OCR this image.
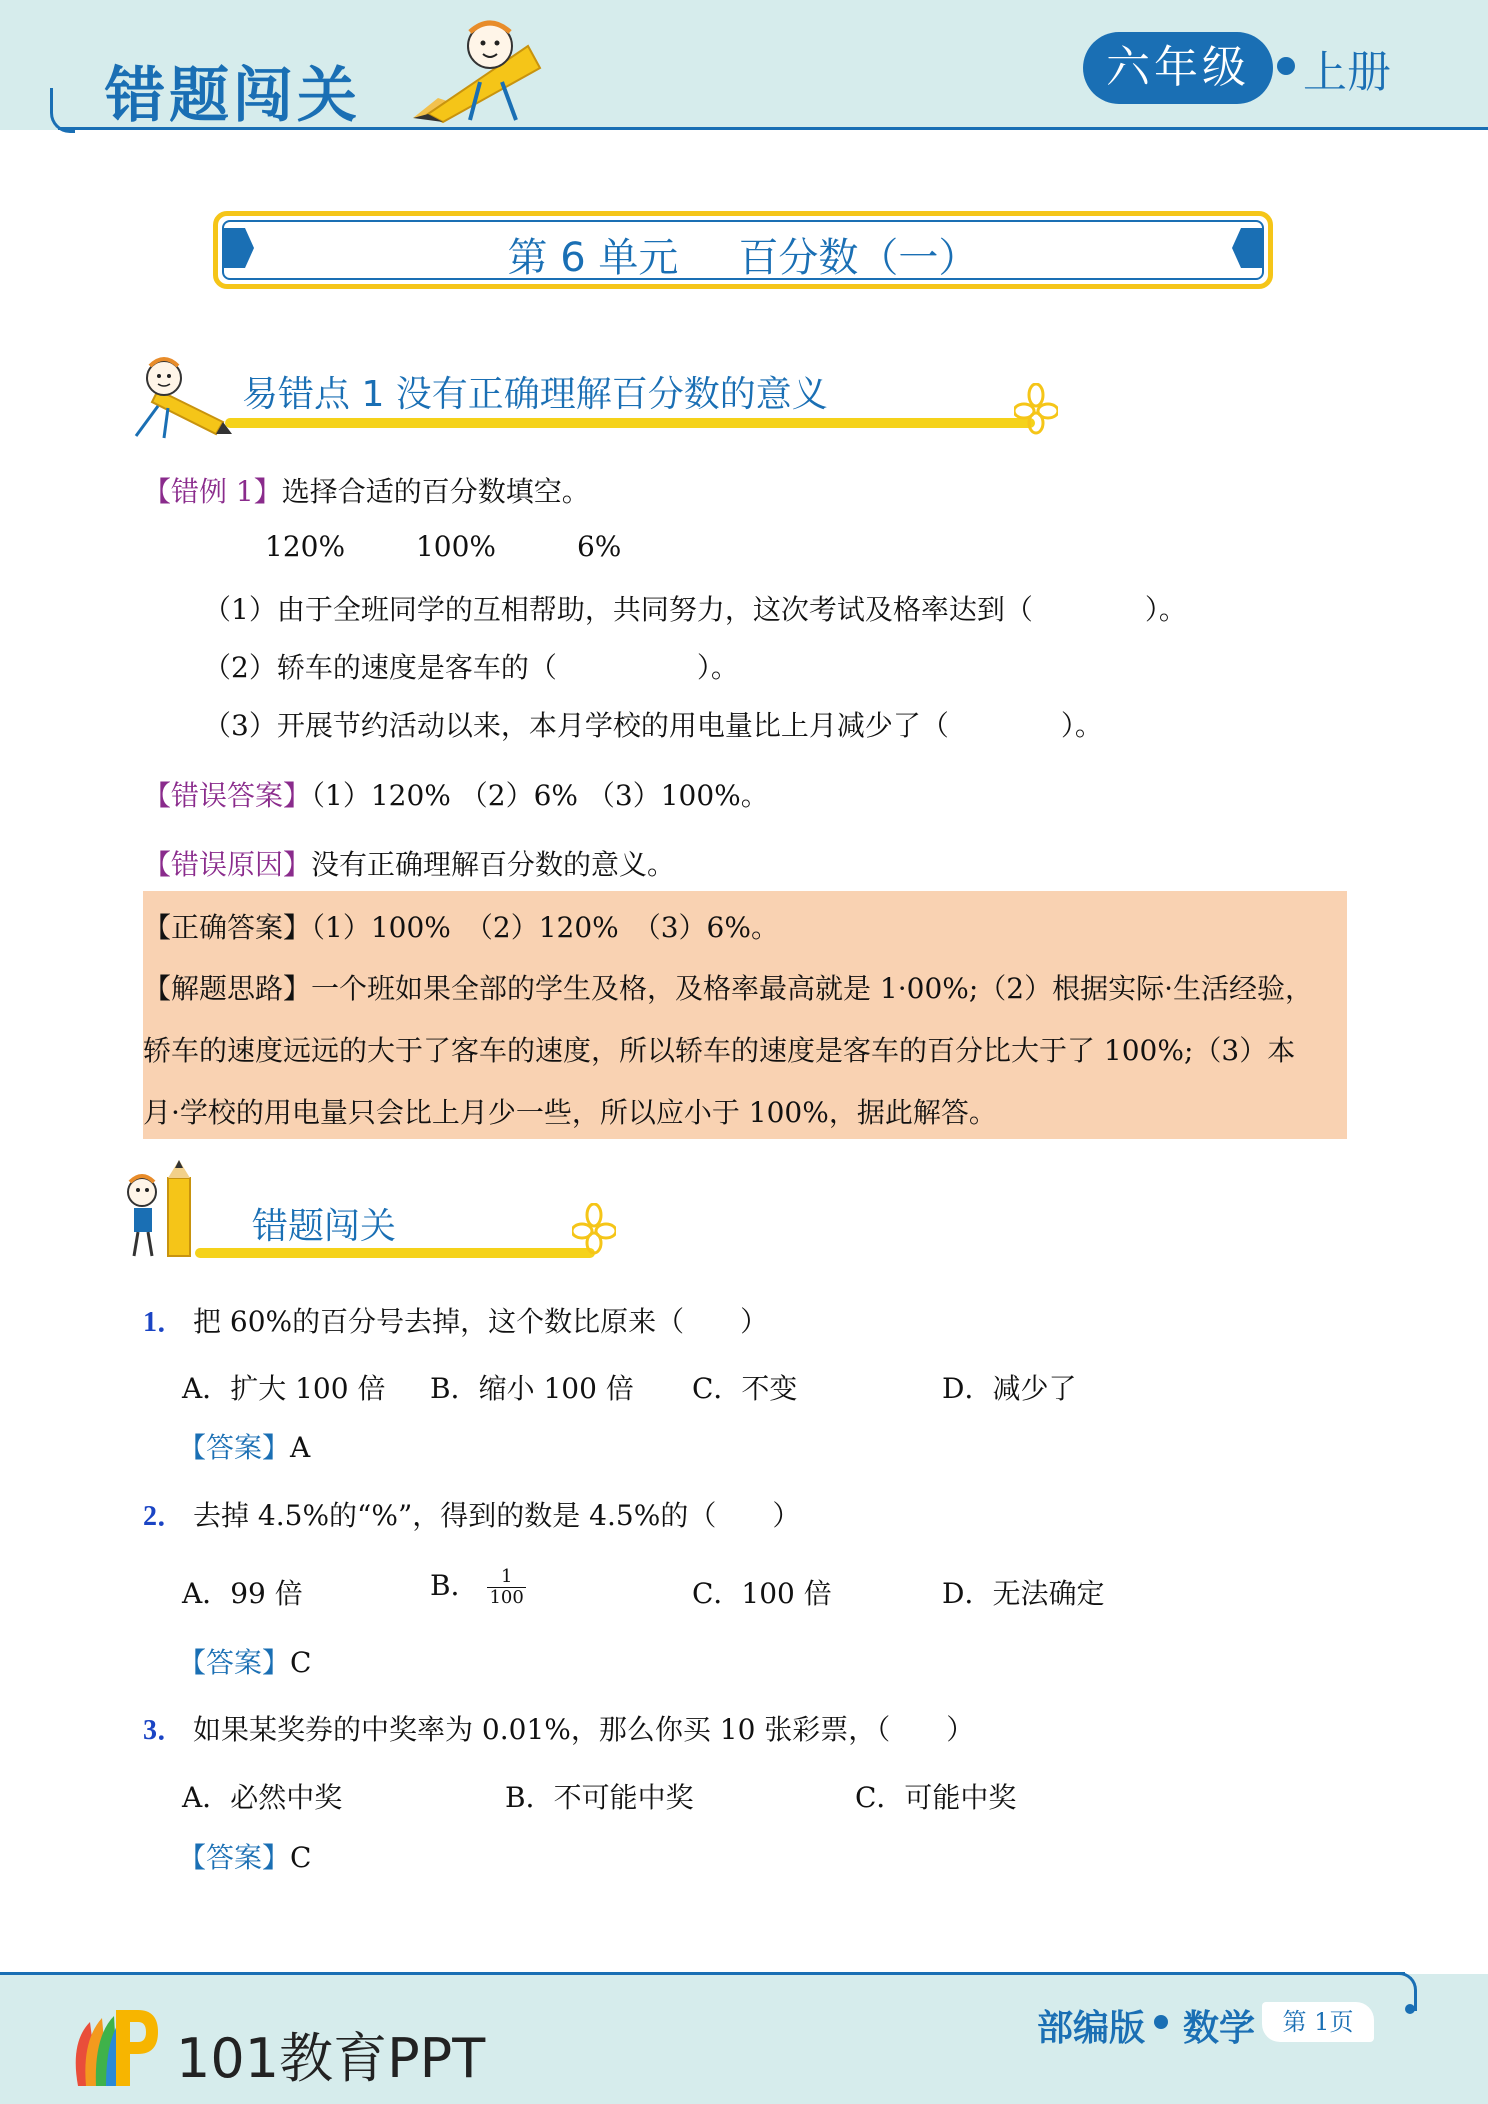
错题闯关	六年级	上册
第 6 单元 百分数（一）
易错点 1 没有正确理解百分数的意义
【错例 1】选择合适的百分数填空。
120%	100%	6%
（1）由于全班同学的互相帮助，共同努力，这次考试及格率达到（　　　　）。
（2）轿车的速度是客车的（　　　　　）。
（3）开展节约活动以来，本月学校的用电量比上月减少了（　　　　）。
【错误答案】（1）120% （2）6% （3）100%。
【错误原因】没有正确理解百分数的意义。
【正确答案】（1）100%　（2）120%　（3）6%。
【解题思路】一个班如果全部的学生及格，及格率最高就是 1·00%;（2）根据实际·生活经验，
轿车的速度远远的大于了客车的速度，所以轿车的速度是客车的百分比大于了 100%;（3）本
月·学校的用电量只会比上月少一些，所以应小于 100%，据此解答。
错题闯关
1． 把 60%的百分号去掉，这个数比原来（　　）
A．扩大 100 倍 B．缩小 100 倍 C．不变	D．减少了
【答案】A
2． 去掉 4.5%的“%”，得到的数是 4.5%的（　　）
A．99 倍	B． $\frac{1}{100}$	C．100 倍	D．无法确定
【答案】C
3． 如果某奖券的中奖率为 0.01%，那么你买 10 张彩票，（　　）
A．必然中奖	B．不可能中奖	C．可能中奖
【答案】C
101教育PPT	部编版 数学	第 1页
